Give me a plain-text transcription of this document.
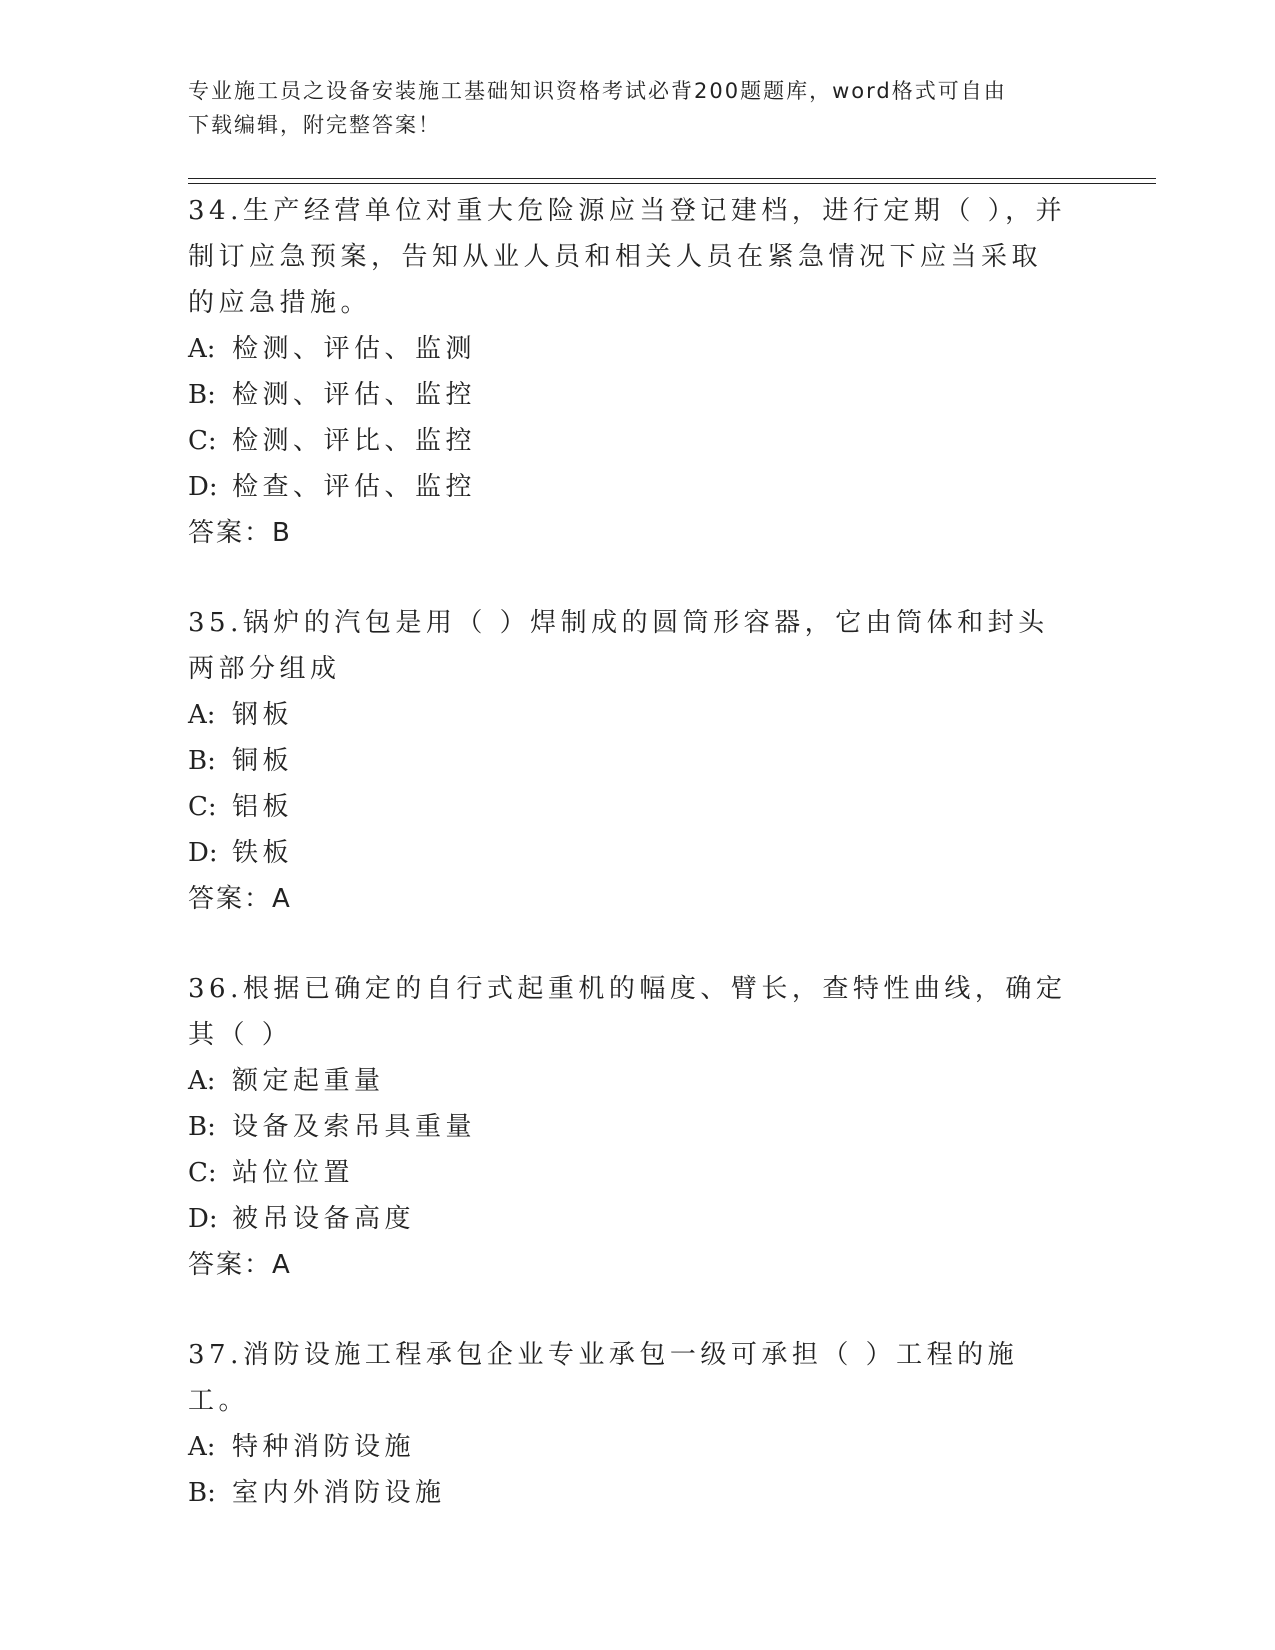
专业施工员之设备安装施工基础知识资格考试必背200题题库，word格式可自由
下载编辑，附完整答案！
34.生产经营单位对重大危险源应当登记建档，进行定期（ ），并制订应急预案，告知从业人员和相关人员在紧急情况下应当采取的应急措施。
A: 检测、评估、监测
B: 检测、评估、监控
C: 检测、评比、监控
D: 检查、评估、监控
答案：B
35.锅炉的汽包是用（ ）焊制成的圆筒形容器，它由筒体和封头两部分组成
A: 钢板
B: 铜板
C: 铝板
D: 铁板
答案：A
36.根据已确定的自行式起重机的幅度、臂长，查特性曲线，确定其（ ）
A: 额定起重量
B: 设备及索吊具重量
C: 站位位置
D: 被吊设备高度
答案：A
37.消防设施工程承包企业专业承包一级可承担（ ）工程的施工。
A: 特种消防设施
B: 室内外消防设施
